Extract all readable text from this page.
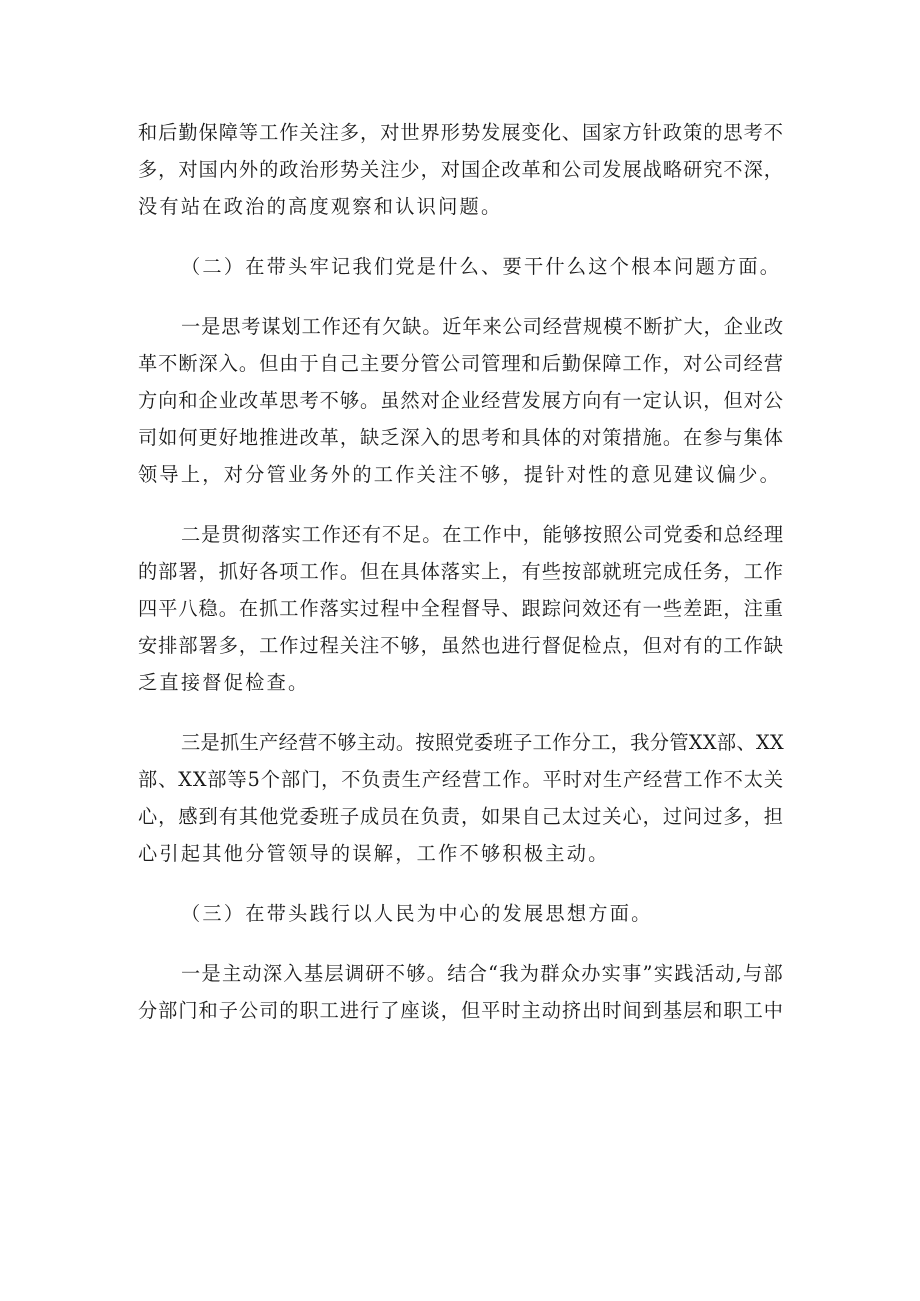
和后勤保障等工作关注多，对世界形势发展变化、国家方针政策的思考不
多，对国内外的政治形势关注少，对国企改革和公司发展战略研究不深，
没有站在政治的高度观察和认识问题。

（二）在带头牢记我们党是什么、要干什么这个根本问题方面。

一是思考谋划工作还有欠缺。近年来公司经营规模不断扩大，企业改
革不断深入。但由于自己主要分管公司管理和后勤保障工作，对公司经营
方向和企业改革思考不够。虽然对企业经营发展方向有一定认识，但对公
司如何更好地推进改革，缺乏深入的思考和具体的对策措施。在参与集体
领导上，对分管业务外的工作关注不够，提针对性的意见建议偏少。

二是贯彻落实工作还有不足。在工作中，能够按照公司党委和总经理
的部署，抓好各项工作。但在具体落实上，有些按部就班完成任务，工作
四平八稳。在抓工作落实过程中全程督导、跟踪问效还有一些差距，注重
安排部署多，工作过程关注不够，虽然也进行督促检点，但对有的工作缺
乏直接督促检查。

三是抓生产经营不够主动。按照党委班子工作分工，我分管XX部、XX
部、XX部等5个部门，不负责生产经营工作。平时对生产经营工作不太关
心，感到有其他党委班子成员在负责，如果自己太过关心，过问过多，担
心引起其他分管领导的误解，工作不够积极主动。

（三）在带头践行以人民为中心的发展思想方面。

一是主动深入基层调研不够。结合“我为群众办实事”实践活动,与部
分部门和子公司的职工进行了座谈，但平时主动挤出时间到基层和职工中
